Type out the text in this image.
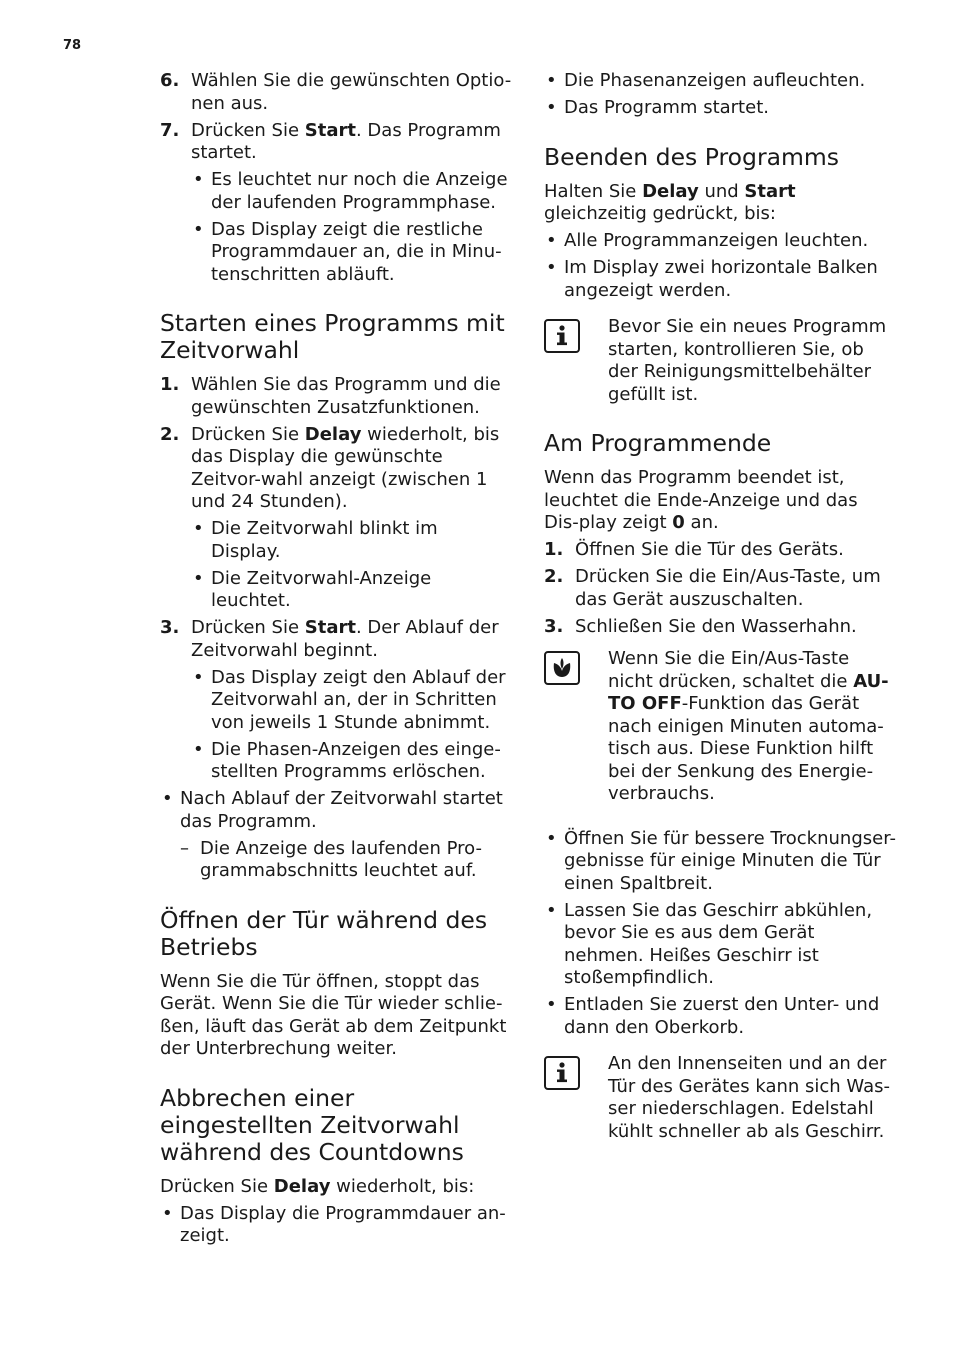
78
6. Wählen Sie die gewünschten Optio-nen aus.
7. Drücken Sie Start. Das Programm startet.
• Es leuchtet nur noch die Anzeige der laufenden Programmphase.
• Das Display zeigt die restliche Programmdauer an, die in Minu-tenschritten abläuft.
Starten eines Programms mit Zeitvorwahl
1. Wählen Sie das Programm und die gewünschten Zusatzfunktionen.
2. Drücken Sie Delay wiederholt, bis das Display die gewünschte Zeitvor-wahl anzeigt (zwischen 1 und 24 Stunden).
• Die Zeitvorwahl blinkt im Display.
• Die Zeitvorwahl-Anzeige leuchtet.
3. Drücken Sie Start. Der Ablauf der Zeitvorwahl beginnt.
• Das Display zeigt den Ablauf der Zeitvorwahl an, der in Schritten von jeweils 1 Stunde abnimmt.
• Die Phasen-Anzeigen des einge-stellten Programms erlöschen.
• Nach Ablauf der Zeitvorwahl startet das Programm.
– Die Anzeige des laufenden Pro-grammabschnitts leuchtet auf.
Öffnen der Tür während des Betriebs

Wenn Sie die Tür öffnen, stoppt das Gerät. Wenn Sie die Tür wieder schlie-ßen, läuft das Gerät ab dem Zeitpunkt der Unterbrechung weiter.

Abbrechen einer eingestellten Zeitvorwahl während des Countdowns

Drücken Sie Delay wiederholt, bis:

• Das Display die Programmdauer an-zeigt.
• Die Phasenanzeigen aufleuchten.
• Das Programm startet.
Beenden des Programms

Halten Sie Delay und Start gleichzeitig gedrückt, bis:

• Alle Programmanzeigen leuchten.
• Im Display zwei horizontale Balken angezeigt werden.
Bevor Sie ein neues Programm starten, kontrollieren Sie, ob der Reinigungsmittelbehälter gefüllt ist.
Am Programmende

Wenn das Programm beendet ist, leuchtet die Ende-Anzeige und das Dis-play zeigt 0 an.

1. Öffnen Sie die Tür des Geräts.
2. Drücken Sie die Ein/Aus-Taste, um das Gerät auszuschalten.
3. Schließen Sie den Wasserhahn.
Wenn Sie die Ein/Aus-Taste nicht drücken, schaltet die AU-TO OFF-Funktion das Gerät nach einigen Minuten automa-tisch aus. Diese Funktion hilft bei der Senkung des Energie-verbrauchs.
• Öffnen Sie für bessere Trocknungser-gebnisse für einige Minuten die Tür einen Spaltbreit.
• Lassen Sie das Geschirr abkühlen, bevor Sie es aus dem Gerät nehmen. Heißes Geschirr ist stoßempfindlich.
• Entladen Sie zuerst den Unter- und dann den Oberkorb.
An den Innenseiten und an der Tür des Gerätes kann sich Was-ser niederschlagen. Edelstahl kühlt schneller ab als Geschirr.
